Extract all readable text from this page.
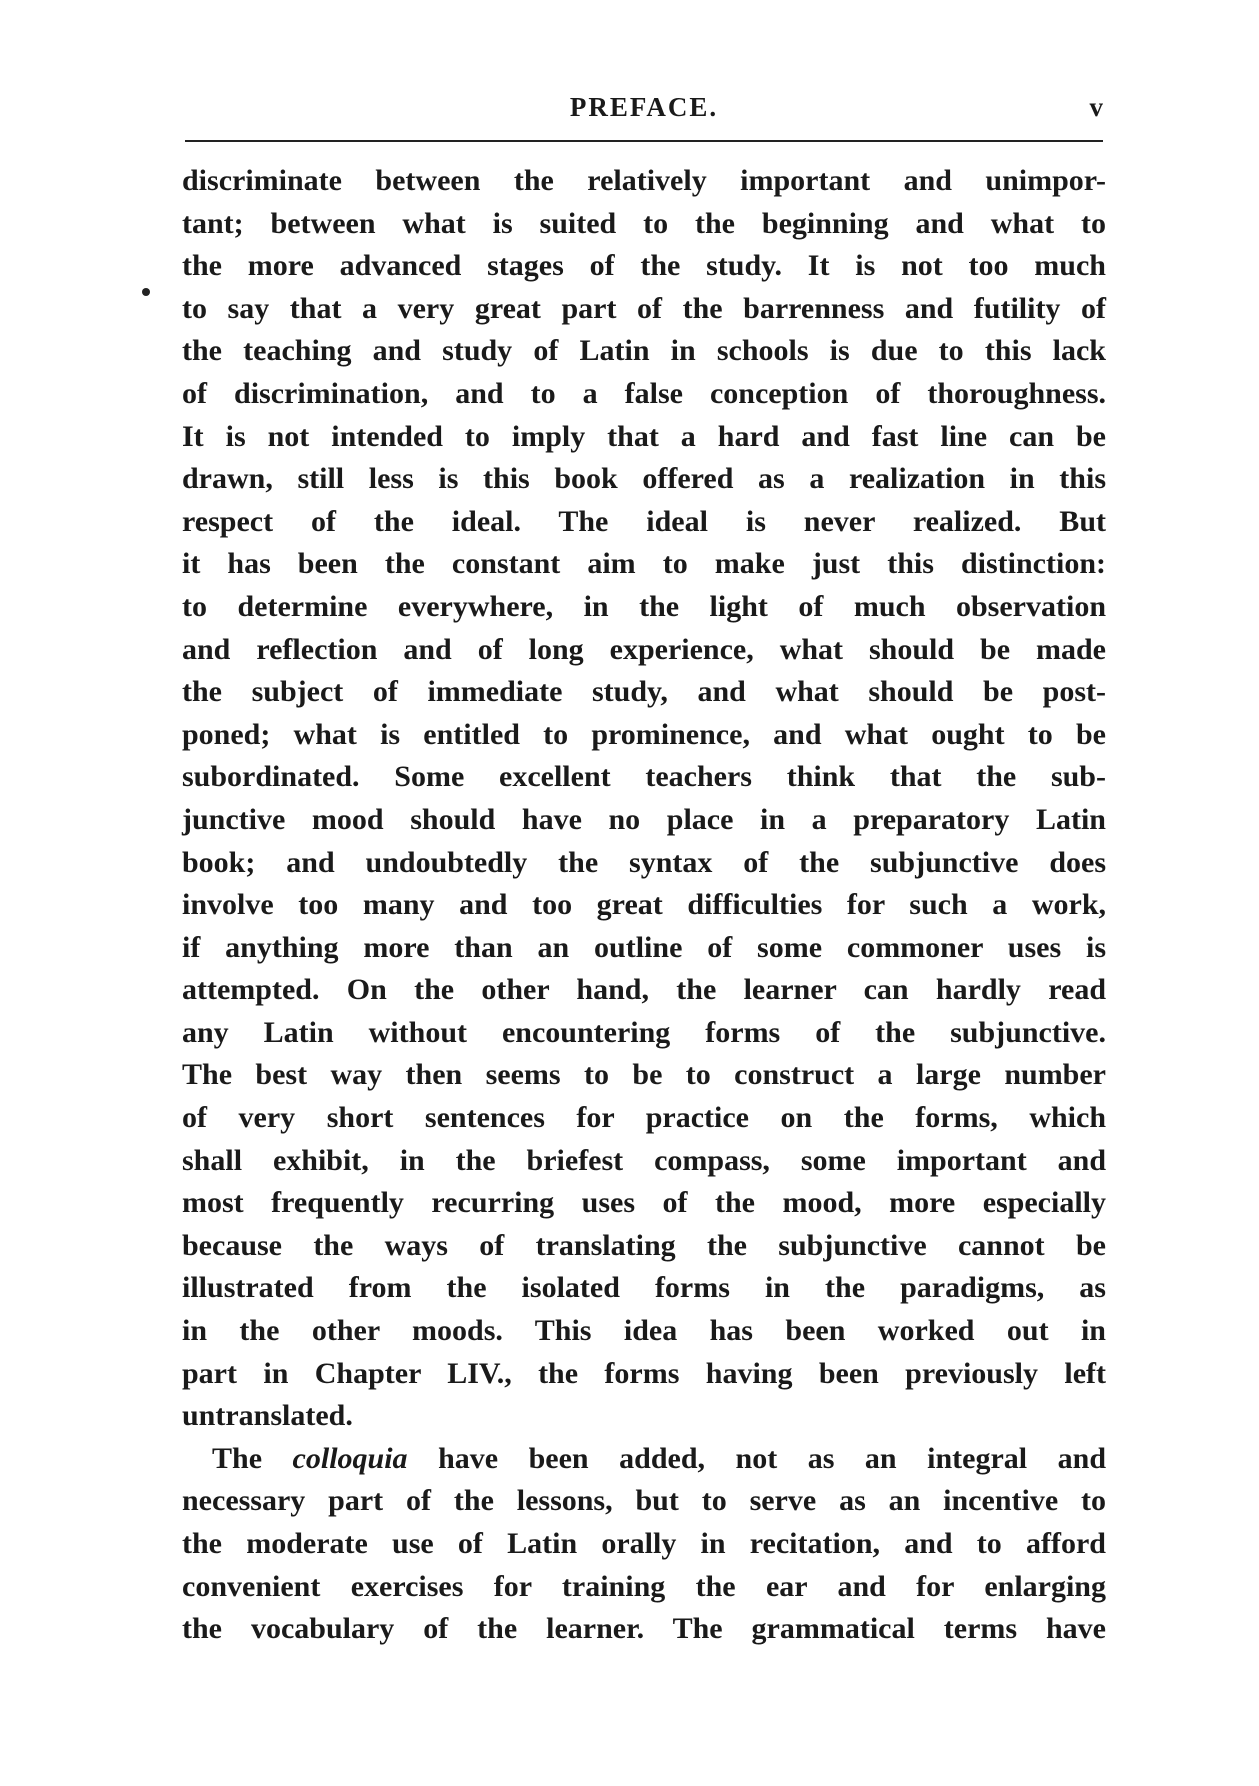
PREFACE.	v
discriminate between the relatively important and unimpor-
tant; between what is suited to the beginning and what to
the more advanced stages of the study. It is not too much
to say that a very great part of the barrenness and futility of
the teaching and study of Latin in schools is due to this lack
of discrimination, and to a false conception of thoroughness.
It is not intended to imply that a hard and fast line can be
drawn, still less is this book offered as a realization in this
respect of the ideal. The ideal is never realized. But
it has been the constant aim to make just this distinction:
to determine everywhere, in the light of much observation
and reflection and of long experience, what should be made
the subject of immediate study, and what should be post-
poned; what is entitled to prominence, and what ought to be
subordinated. Some excellent teachers think that the sub-
junctive mood should have no place in a preparatory Latin
book; and undoubtedly the syntax of the subjunctive does
involve too many and too great difficulties for such a work,
if anything more than an outline of some commoner uses is
attempted. On the other hand, the learner can hardly read
any Latin without encountering forms of the subjunctive.
The best way then seems to be to construct a large number
of very short sentences for practice on the forms, which
shall exhibit, in the briefest compass, some important and
most frequently recurring uses of the mood, more especially
because the ways of translating the subjunctive cannot be
illustrated from the isolated forms in the paradigms, as
in the other moods. This idea has been worked out in
part in Chapter LIV., the forms having been previously left
untranslated.
The colloquia have been added, not as an integral and
necessary part of the lessons, but to serve as an incentive to
the moderate use of Latin orally in recitation, and to afford
convenient exercises for training the ear and for enlarging
the vocabulary of the learner. The grammatical terms have
